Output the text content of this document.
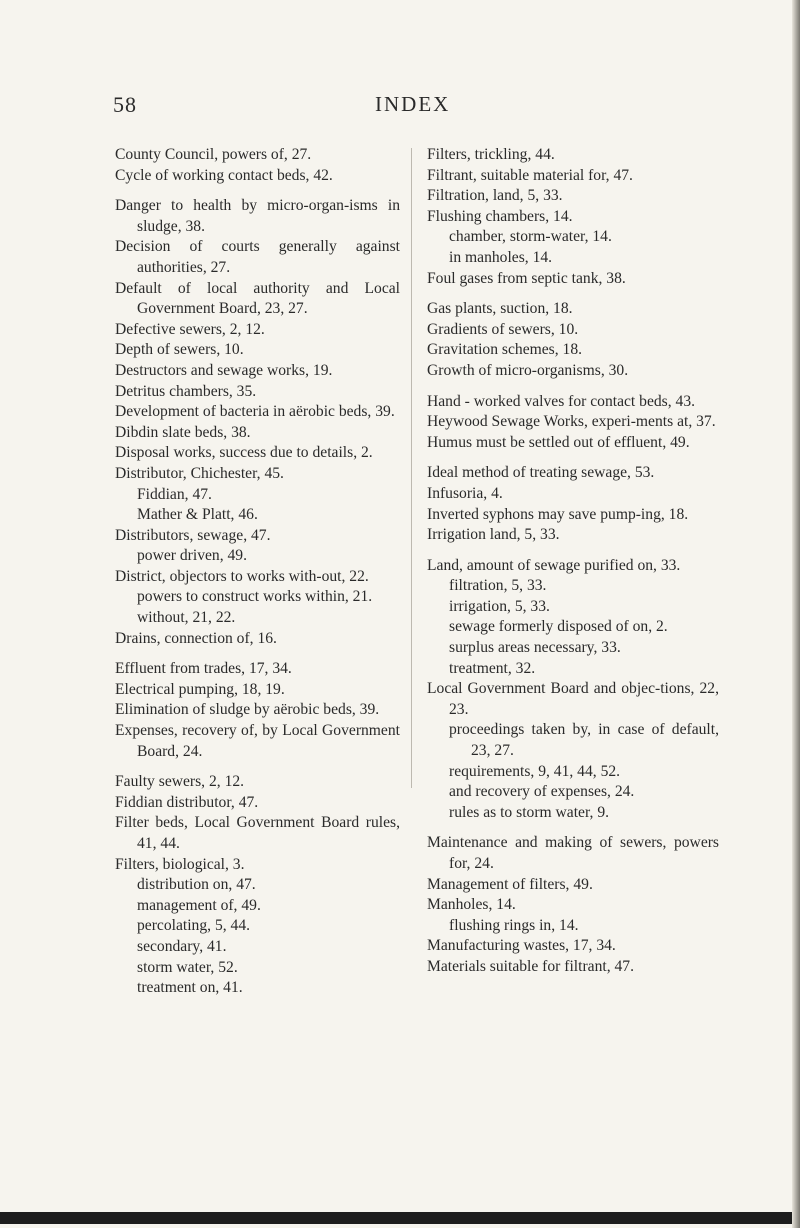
58	INDEX
County Council, powers of, 27.
Cycle of working contact beds, 42.
Danger to health by micro-organ-isms in sludge, 38.
Decision of courts generally against authorities, 27.
Default of local authority and Local Government Board, 23, 27.
Defective sewers, 2, 12.
Depth of sewers, 10.
Destructors and sewage works, 19.
Detritus chambers, 35.
Development of bacteria in aërobic beds, 39.
Dibdin slate beds, 38.
Disposal works, success due to details, 2.
Distributor, Chichester, 45.
Fiddian, 47.
Mather & Platt, 46.
Distributors, sewage, 47.
power driven, 49.
District, objectors to works with-out, 22.
powers to construct works within, 21.
without, 21, 22.
Drains, connection of, 16.
Effluent from trades, 17, 34.
Electrical pumping, 18, 19.
Elimination of sludge by aërobic beds, 39.
Expenses, recovery of, by Local Government Board, 24.
Faulty sewers, 2, 12.
Fiddian distributor, 47.
Filter beds, Local Government Board rules, 41, 44.
Filters, biological, 3.
distribution on, 47.
management of, 49.
percolating, 5, 44.
secondary, 41.
storm water, 52.
treatment on, 41.
Filters, trickling, 44.
Filtrant, suitable material for, 47.
Filtration, land, 5, 33.
Flushing chambers, 14.
chamber, storm-water, 14.
in manholes, 14.
Foul gases from septic tank, 38.
Gas plants, suction, 18.
Gradients of sewers, 10.
Gravitation schemes, 18.
Growth of micro-organisms, 30.
Hand - worked valves for contact beds, 43.
Heywood Sewage Works, experi-ments at, 37.
Humus must be settled out of effluent, 49.
Ideal method of treating sewage, 53.
Infusoria, 4.
Inverted syphons may save pump-ing, 18.
Irrigation land, 5, 33.
Land, amount of sewage purified on, 33.
filtration, 5, 33.
irrigation, 5, 33.
sewage formerly disposed of on, 2.
surplus areas necessary, 33.
treatment, 32.
Local Government Board and objec-tions, 22, 23.
proceedings taken by, in case of default, 23, 27.
requirements, 9, 41, 44, 52.
and recovery of expenses, 24.
rules as to storm water, 9.
Maintenance and making of sewers, powers for, 24.
Management of filters, 49.
Manholes, 14.
flushing rings in, 14.
Manufacturing wastes, 17, 34.
Materials suitable for filtrant, 47.
